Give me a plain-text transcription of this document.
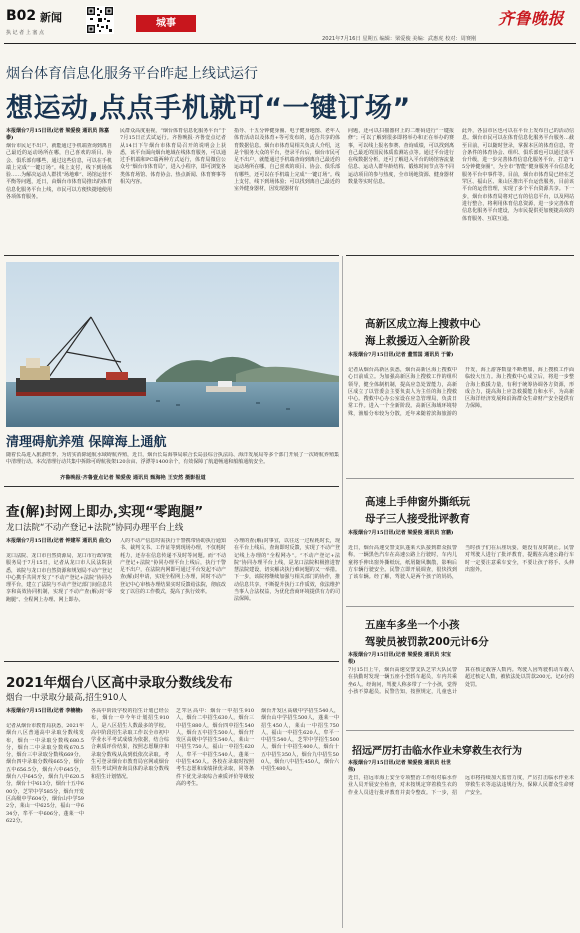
B02 新闻
执 记 者 上 塞 点
城事	齐鲁晚报
2021年7月16日 星期五 编辑：梁爱俊 美编：武惠虎 校对：周赛刚
烟台体育信息化服务平台昨起上线试运行
想运动,点点手机就可“一键订场”
本报烟台7月15日讯(记者 梁爱俊 通讯员 陈嘉泰)
烟台市民足不出户，就能通过手机端查询到离自己最近的运动场所在哪，自己喜欢的项目、协会、俱乐部有哪些，通过这些信息，可以在手机端上完成“一键订场”。线上支付，线下到场体验……为解决运动人群找“场地难”、场馆运营不平衡等问题，近日，由烟台市体育局推出的体育信息化服务平台上线，市民可以方便快捷地使用各项体育服务。
民群众高度重视，“烟台体育信息化服务平台”于7月15日正式试运行。齐鲁晚报·齐鲁壹点记者从14日下午烟台市体育局召开的说明会上获悉，该平台面向烟台地域在线体育服务，可以通过手机端和PC端两种方式运行，体育局微信公众号“烟台市体育局”，进入小程序，即可浏览各类体育场馆、体育协会、热点新闻、体育赛事等相关内容。
指导、十五分钟健身圈、电子健身地图、老年人体育活动以及体育+等可发布的，适合共享的体育数据信息。烟台市体育局相关负责人介绍，这是个服务大众的平台，登录平台后，烟台市民可足不出户，就能通过手机端查询到离自己最近的运动场所在哪，自己喜欢的项目、协会、俱乐部有哪些，还可以在手机端上完成“一键订场”。线上支付，线下到场体验；可以找到离自己最近的室外健身器材，因发现器材有
问题，还可以扫描器材上的二维码进行“一键报修”；可以了解到很多即将举办和正在举办的赛事，可以线上报名参赛、查询成绩，可以找到离自己最近的国民体质监测站点等。通过平台进行在线数据分析，还可了解进入平台的场馆客流量信息、运动人群年龄结构、锻炼时间节点等不同运动项目的参与热度，全市场地资源、健身器材数量等实时信息。
此外，各县市区也可以在平台上发布自己的活动信息。烟台市民可以在体育信息化服务平台服务…截至目前，可以随时登录，掌握本区的体育信息，符合条件的体育协会、组织、俱乐部也可以通过该平台升级，进一步完善体育信息化服务平台，打造“15分钟健身圈”，为全市“智能”健身服务平台信息化服务平台中事件等。目前，烟台市体育局已经在芝罘区、福山区、莱山区推出平台运营服务，目前该平台的运营管理，实现了多个平台资源共享。下一步，烟台市体育局将对已有的信息平台，以及网站进行整合，将利用体育信息资源，进一步完善体育信息化服务平台建设，为市民提供更加便捷高效的体育服务、互联互通。
清理碍航养殖 保障海上通航
随着长岛进入旅游旺季，为切实消除通航水域碍航养殖，近日，烟台长岛海事局联合长岛县综合执法局、海洋发展局等多个部门开展了一次碍航养殖集中清理行动。本次清理行动共集中拆除可碍航筏架120余亩、浮漂等1400余个，有效保障了航道畅通和船舶通航安全。
齐鲁晚报·齐鲁壹点记者 梁爱俊 通讯员 甄海艳 王安然 摄影报道
查(解)封网上即办,实现“零跑腿”
龙口法院“不动产登记+法院”协同办理平台上线
本报烟台7月15日讯(记者 钟建军 通讯员 曲文)
龙口法院、龙口市自然资源局，龙口市行政审批服务局于7月15日，记者从龙口市人民法院获悉，该院与龙口市自然资源和规划局不动产登记中心携手共同开发了“不动产登记+法院”协同办理平台，建立了法院与不动产登记部门间信息共享和高效协同机制，实现了不动产查(解)封“零跑腿”、全程网上办理、网上即办。
人的不动产信息时需执行干警携带协助执行通知书、裁判文书、工作证等到现场办理，不仅耗时耗力，还存在信息传递不及时等问题。而“不动产登记+法院”协同办理平台上线后，执行干警足不出户，在法院内网即可通过平台发起不动产查(解)封申请，实现全程网上办理，同时不动产登记中心审核办理结果实时反馈给法院，彻底改变了以往的工作模式，提高了执行效率。
办理的查(解)封事宜，以往这一过程耗时长，现在平台上线后，查询即时反馈，实现了不动产登记线上办理的“全程网办”。“不动产登记+法院”协同办理平台上线，是龙口法院积极推进智慧法院建设，切实解决执行难问题的又一举措。下一步，该院将继续加强与相关部门的协作，推动信息共享，不断提升执行工作质效，依法维护当事人合法权益，为优化营商环境提供有力的司法保障。
2021年烟台八区高中录取分数线发布
烟台一中录取分最高,招生910人
本报烟台7月15日讯(记者 李楠楠)
记者从烟台市教育局获悉，2021年烟台八区普通高中录取分数线发布，烟台一中录取分数线680.5分，烟台二中录取分数线670.5分，烟台三中录取分数线669分，烟台四中录取分数线665分，烟台五中656.5分，烟台六中645分，烟台八中645分，烟台九中620.5分，烟台十中613分，烟台十五中600分，芝罘中学585分，烟台开发区高级中学604分，烟台山中学592分，莱山一中625分，福山一中634分，牟平一中606分，蓬莱一中622分。
各高中阶段学校的招生计划已经公布，烟台一中今年计划招生910人，是八区招生人数最多的学校。高中阶段招生录取工作以全市初中学业水平考试成绩为依据，结合综合素质评价结果，按照志愿顺序和录取分数线从高到低依次录取。考生可登录烟台市教育局官网或烟台招生考试网查询具体的录取分数线和招生计划情况。
芝罘区高中：烟台一中招生910人，烟台二中招生630人，烟台三中招生880人，烟台四中招生540人，烟台五中招生500人，烟台开发区高级中学招生540人，莱山一中招生750人，福山一中招生620人，牟平一中招生540人，蓬莱一中招生450人。各校在录取时按照考生志愿和成绩择优录取，同等条件下优先录取综合素质评价等级较高的考生。
烟台开发区高级中学招生540人，烟台山中学招生500人，蓬莱一中招生450人，莱山一中招生750人，福山一中招生620人，牟平一中招生540人，芝罘中学招生500人，烟台十中招生400人，烟台十五中招生350人，烟台九中招生500人，烟台八中招生450人，烟台六中招生480人。
高新区成立海上搜救中心
海上救援迈入全新阶段
本报烟台7月15日讯(记者 董雪国 通讯员 于蕾)
记者从烟台高新区获悉，烟台高新区海上搜救中心日前成立。为加强高新区海上搜救工作的组织领导，健全体制机制，提高应急处置能力，高新区成立了以管委会主要负责人为主任的海上搜救中心。搜救中心办公室设在应急管理局，负责日常工作。进入一个全新阶段。高新区海域环境特殊，渔船分布较为分散，近年来随着滨海旅游的开发，海上游客数量不断增加，海上搜救工作面临较大压力。海上搜救中心成立后，将进一步整合海上救援力量，有利于统筹协调各方资源，形成合力，提高海上应急救援能力和水平，为高新区海洋经济发展和沿海群众生命财产安全提供有力保障。
高速上手伸窗外撕纸玩
母子三人接受批评教育
本报烟台7月15日讯(记者 梁爱俊 通讯员 宫鹏)
近日，烟台高速交警支队蓬莱大队接到群众报警称，一辆黑色汽车在高速公路上行驶时，车内儿童将手伸出窗外撕纸玩，纸屑随风飘散，影响后方车辆行驶安全。民警立即开展调查，很快找到了该车辆。经了解，驾驶人是两个孩子的妈妈，当时孩子们在后座玩耍，她没有及时制止。民警对驾驶人进行了批评教育，提醒在高速公路行车时一定要注意乘车安全，不要让孩子将手、头伸出窗外。
五座车多坐一个小孩
驾驶员被罚款200元计6分
本报烟台7月15日讯(记者 梁爱俊 通讯员 宋宝根)
7月15日上午，烟台高速交警支队芝罘大队民警在执勤时发现一辆五座小型轿车超员，车内共乘坐6人。经询问，驾驶人称多带了一个小孩，觉得小孩不算超员。民警告知，按照规定，儿童也计算在核定载客人数内。驾驶人因驾驶机动车载人超过核定人数，被依法处以罚款200元、记6分的处罚。
招远严厉打击临水作业未穿救生衣行为
本报烟台7月15日讯(记者 梁爱俊 通讯员 杜世伟)
近日，招远市海上安全专项整治工作组对临水作业人员开展安全检查，对未按规定穿着救生衣的作业人员进行批评教育并责令整改。下一步，招远市将持续加大监管力度，严厉打击临水作业未穿救生衣等违法违规行为，保障人民群众生命财产安全。
